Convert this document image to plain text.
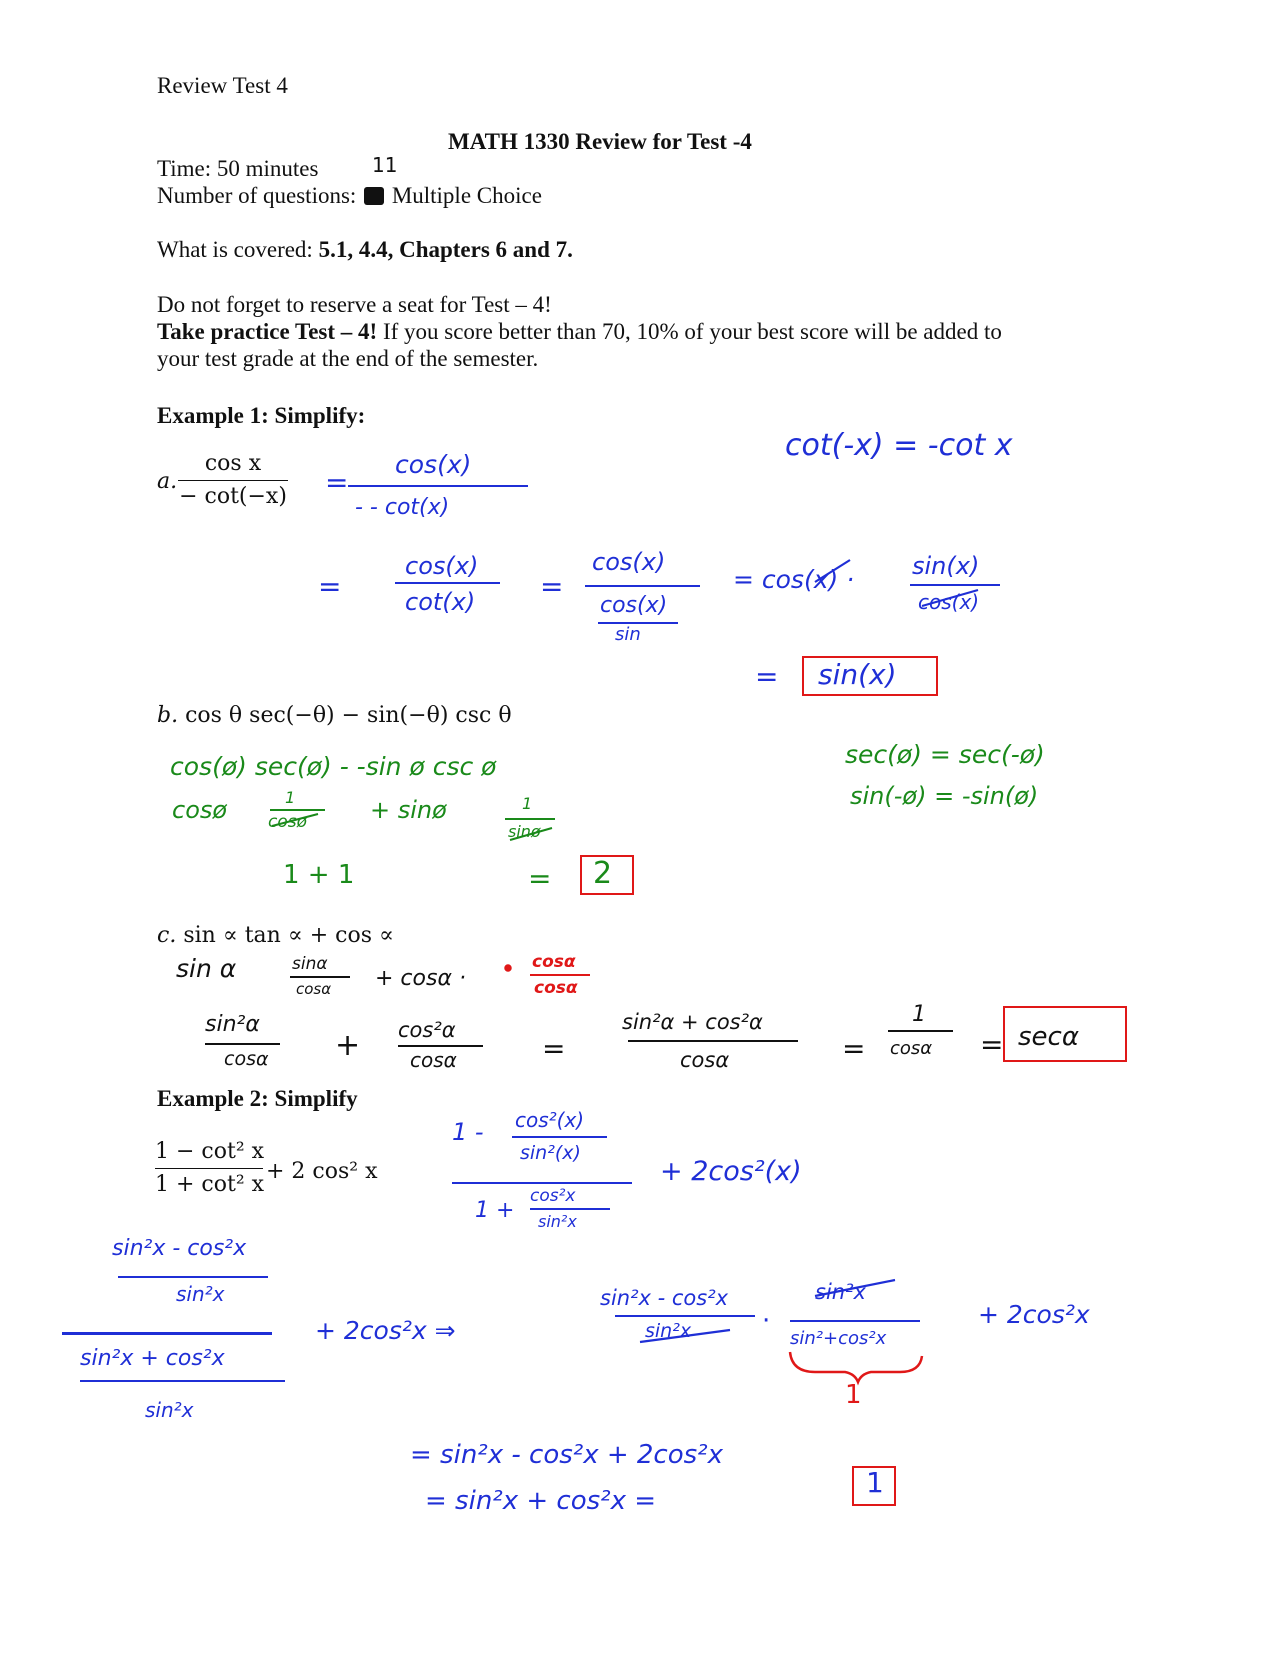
Review Test 4
MATH 1330 Review for Test -4
Time: 50 minutes	11
Number of questions: Multiple Choice
What is covered: 5.1, 4.4, Chapters 6 and 7.
Do not forget to reserve a seat for Test – 4!
Take practice Test – 4! If you score better than 70, 10% of your best score will be added to
your test grade at the end of the semester.
Example 1: Simplify:
a.
cos x
− cot(−x)
cot(-x) = -cot x
=
cos(x)
- - cot(x)
=
cos(x)
cot(x) =
cos(x)
cos(x)
sin
= cos(x) · sin(x)
cos(x)
= sin(x)
b. cos θ sec(−θ) − sin(−θ) csc θ
cos(ø) sec(ø) - -sin ø csc ø
cosø	1
cosø	+ sinø	1
sinø
1 + 1	= 2
sec(ø) = sec(-ø)
sin(-ø) = -sin(ø)
c. sin ∝ tan ∝ + cos ∝
sin α	sinα
cosα + cosα ·
cosα
cosα
sin²α
cosα + cos²α
cosα	=
sin²α + cos²α
cosα	=
1
cosα = secα
Example 2: Simplify
1 − cot² x
1 + cot² x
+ 2 cos² x
1 - cos²(x)
sin²(x)
1 +
cos²x
sin²x
+ 2cos²(x)
sin²x - cos²x
sin²x
sin²x + cos²x
sin²x
+ 2cos²x ⇒
sin²x - cos²x
sin²x	·
sin²x
sin²+cos²x
+ 2cos²x
1
= sin²x - cos²x + 2cos²x
= sin²x + cos²x =
1
